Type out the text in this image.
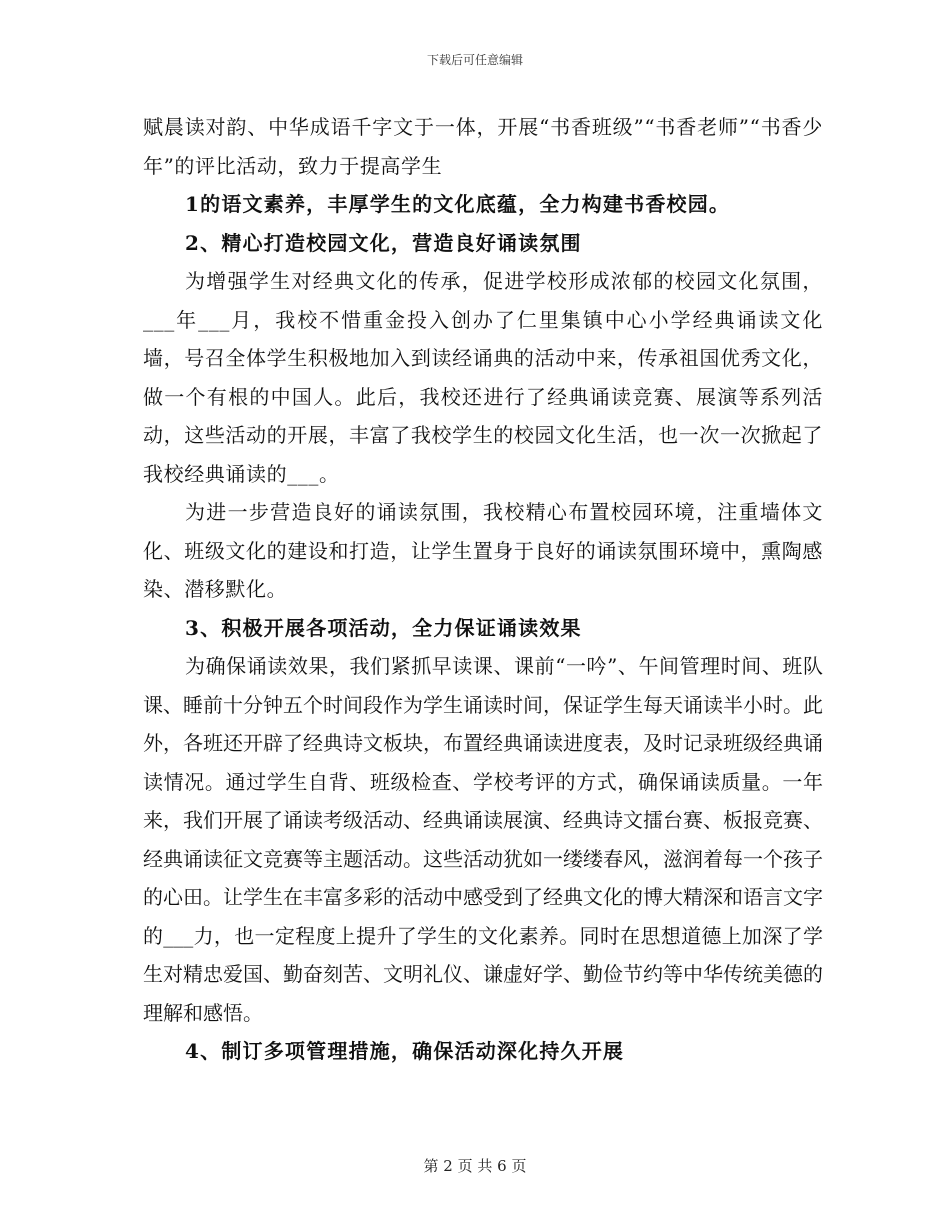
下载后可任意编辑

赋晨读对韵、中华成语千字文于一体，开展“书香班级”“书香老师”“书香少年”的评比活动，致力于提高学生

1的语文素养，丰厚学生的文化底蕴，全力构建书香校园。

2、精心打造校园文化，营造良好诵读氛围

为增强学生对经典文化的传承，促进学校形成浓郁的校园文化氛围，___年___月，我校不惜重金投入创办了仁里集镇中心小学经典诵读文化墙，号召全体学生积极地加入到读经诵典的活动中来，传承祖国优秀文化，做一个有根的中国人。此后，我校还进行了经典诵读竞赛、展演等系列活动，这些活动的开展，丰富了我校学生的校园文化生活，也一次一次掀起了我校经典诵读的___。

为进一步营造良好的诵读氛围，我校精心布置校园环境，注重墙体文化、班级文化的建设和打造，让学生置身于良好的诵读氛围环境中，熏陶感染、潜移默化。

3、积极开展各项活动，全力保证诵读效果

为确保诵读效果，我们紧抓早读课、课前“一吟”、午间管理时间、班队课、睡前十分钟五个时间段作为学生诵读时间，保证学生每天诵读半小时。此外，各班还开辟了经典诗文板块，布置经典诵读进度表，及时记录班级经典诵读情况。通过学生自背、班级检查、学校考评的方式，确保诵读质量。一年来，我们开展了诵读考级活动、经典诵读展演、经典诗文擂台赛、板报竞赛、经典诵读征文竞赛等主题活动。这些活动犹如一缕缕春风，滋润着每一个孩子的心田。让学生在丰富多彩的活动中感受到了经典文化的博大精深和语言文字的___力，也一定程度上提升了学生的文化素养。同时在思想道德上加深了学生对精忠爱国、勤奋刻苦、文明礼仪、谦虚好学、勤俭节约等中华传统美德的理解和感悟。

4、制订多项管理措施，确保活动深化持久开展

第 2 页 共 6 页
